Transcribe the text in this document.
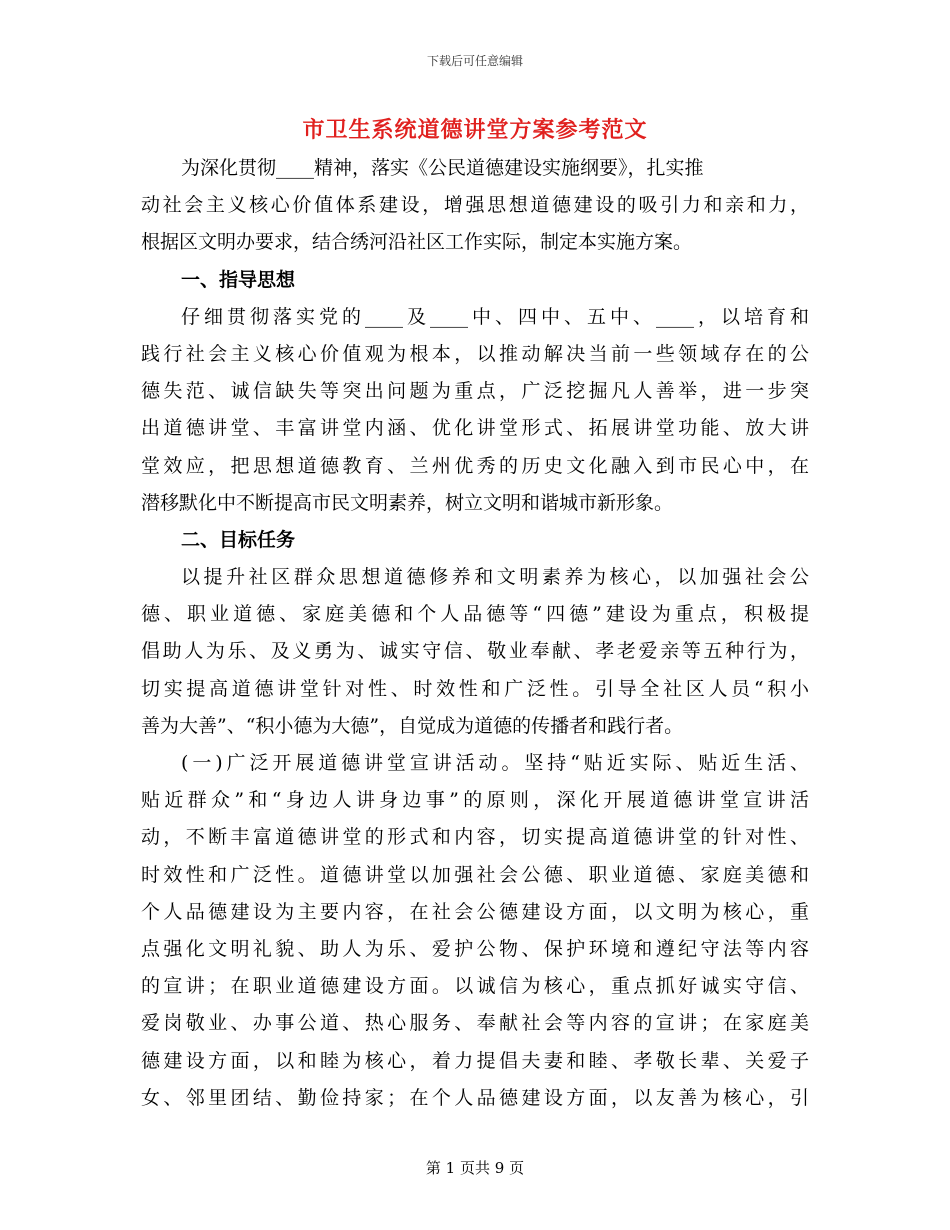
下载后可任意编辑
市卫生系统道德讲堂方案参考范文
为深化贯彻____精神，落实《公民道德建设实施纲要》，扎实推
动社会主义核心价值体系建设，增强思想道德建设的吸引力和亲和力，
根据区文明办要求，结合绣河沿社区工作实际，制定本实施方案。
一、指导思想
仔细贯彻落实党的____及____中、四中、五中、____，以培育和
践行社会主义核心价值观为根本，以推动解决当前一些领域存在的公
德失范、诚信缺失等突出问题为重点，广泛挖掘凡人善举，进一步突
出道德讲堂、丰富讲堂内涵、优化讲堂形式、拓展讲堂功能、放大讲
堂效应，把思想道德教育、兰州优秀的历史文化融入到市民心中，在
潜移默化中不断提高市民文明素养，树立文明和谐城市新形象。
二、目标任务
以提升社区群众思想道德修养和文明素养为核心，以加强社会公
德、职业道德、家庭美德和个人品德等“四德”建设为重点，积极提
倡助人为乐、及义勇为、诚实守信、敬业奉献、孝老爱亲等五种行为，
切实提高道德讲堂针对性、时效性和广泛性。引导全社区人员“积小
善为大善”、“积小德为大德”，自觉成为道德的传播者和践行者。
(一)广泛开展道德讲堂宣讲活动。坚持“贴近实际、贴近生活、
贴近群众”和“身边人讲身边事”的原则，深化开展道德讲堂宣讲活
动，不断丰富道德讲堂的形式和内容，切实提高道德讲堂的针对性、
时效性和广泛性。道德讲堂以加强社会公德、职业道德、家庭美德和
个人品德建设为主要内容，在社会公德建设方面，以文明为核心，重
点强化文明礼貌、助人为乐、爱护公物、保护环境和遵纪守法等内容
的宣讲；在职业道德建设方面。以诚信为核心，重点抓好诚实守信、
爱岗敬业、办事公道、热心服务、奉献社会等内容的宣讲；在家庭美
德建设方面，以和睦为核心，着力提倡夫妻和睦、孝敬长辈、关爱子
女、邻里团结、勤俭持家；在个人品德建设方面，以友善为核心，引
第 1 页共 9 页
